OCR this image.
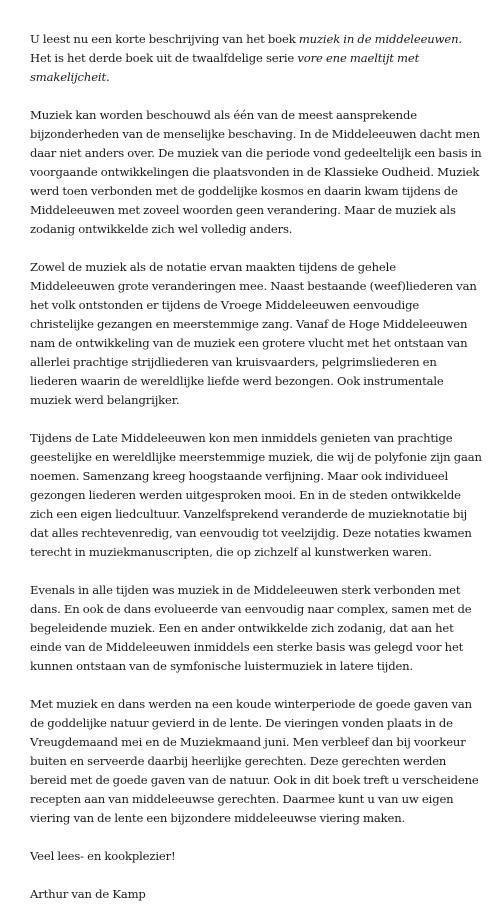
U leest nu een korte beschrijving van het boek muziek in de middeleeuwen. Het is het derde boek uit de twaalfdelige serie vore ene maeltijt met smakelijcheit.

Muziek kan worden beschouwd als één van de meest aansprekende bijzonderheden van de menselijke beschaving. In de Middeleeuwen dacht men daar niet anders over. De muziek van die periode vond gedeeltelijk een basis in voorgaande ontwikkelingen die plaatsvonden in de Klassieke Oudheid. Muziek werd toen verbonden met de goddelijke kosmos en daarin kwam tijdens de Middeleeuwen met zoveel woorden geen verandering. Maar de muziek als zodanig ontwikkelde zich wel volledig anders.

Zowel de muziek als de notatie ervan maakten tijdens de gehele Middeleeuwen grote veranderingen mee. Naast bestaande (weef)liederen van het volk ontstonden er tijdens de Vroege Middeleeuwen eenvoudige christelijke gezangen en meerstemmige zang. Vanaf de Hoge Middeleeuwen nam de ontwikkeling van de muziek een grotere vlucht met het ontstaan van allerlei prachtige strijdliederen van kruisvaarders, pelgrimsliederen en liederen waarin de wereldlijke liefde werd bezongen. Ook instrumentale muziek werd belangrijker.

Tijdens de Late Middeleeuwen kon men inmiddels genieten van prachtige geestelijke en wereldlijke meerstemmige muziek, die wij de polyfonie zijn gaan noemen. Samenzang kreeg hoogstaande verfijning. Maar ook individueel gezongen liederen werden uitgesproken mooi. En in de steden ontwikkelde zich een eigen liedcultuur. Vanzelfsprekend veranderde de muzieknotatie bij dat alles rechtevenredig, van eenvoudig tot veelzijdig. Deze notaties kwamen terecht in muziekmanuscripten, die op zichzelf al kunstwerken waren.

Evenals in alle tijden was muziek in de Middeleeuwen sterk verbonden met dans. En ook de dans evolueerde van eenvoudig naar complex, samen met de begeleidende muziek. Een en ander ontwikkelde zich zodanig, dat aan het einde van de Middeleeuwen inmiddels een sterke basis was gelegd voor het kunnen ontstaan van de symfonische luistermuziek in latere tijden.

Met muziek en dans werden na een koude winterperiode de goede gaven van de goddelijke natuur gevierd in de lente. De vieringen vonden plaats in de Vreugdemaand mei en de Muziekmaand juni. Men verbleef dan bij voorkeur buiten en serveerde daarbij heerlijke gerechten. Deze gerechten werden bereid met de goede gaven van de natuur. Ook in dit boek treft u verscheidene recepten aan van middeleeuwse gerechten. Daarmee kunt u van uw eigen viering van de lente een bijzondere middeleeuwse viering maken.

Veel lees- en kookplezier!

Arthur van de Kamp
